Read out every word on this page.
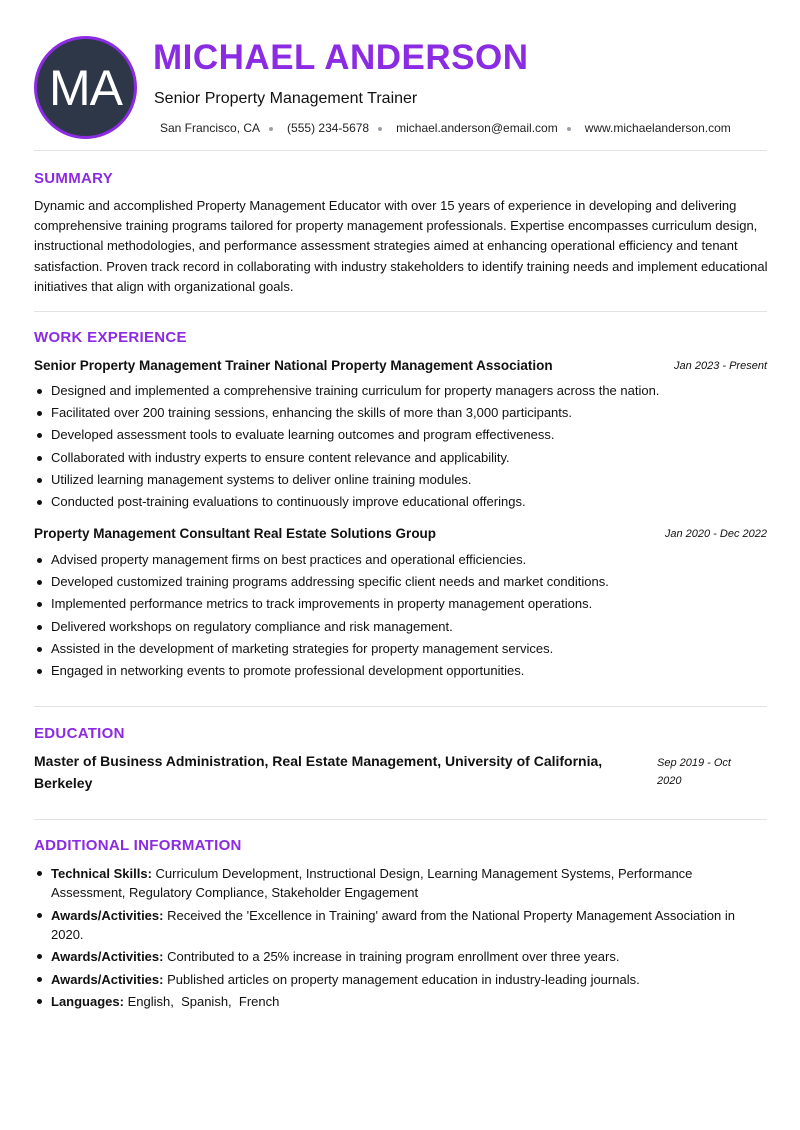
MA
MICHAEL ANDERSON
Senior Property Management Trainer
San Francisco, CA (555) 234-5678 michael.anderson@email.com www.michaelanderson.com
SUMMARY
Dynamic and accomplished Property Management Educator with over 15 years of experience in developing and delivering comprehensive training programs tailored for property management professionals. Expertise encompasses curriculum design, instructional methodologies, and performance assessment strategies aimed at enhancing operational efficiency and tenant satisfaction. Proven track record in collaborating with industry stakeholders to identify training needs and implement educational initiatives that align with organizational goals.
WORK EXPERIENCE
Senior Property Management Trainer National Property Management Association	Jan 2023 - Present
Designed and implemented a comprehensive training curriculum for property managers across the nation.
Facilitated over 200 training sessions, enhancing the skills of more than 3,000 participants.
Developed assessment tools to evaluate learning outcomes and program effectiveness.
Collaborated with industry experts to ensure content relevance and applicability.
Utilized learning management systems to deliver online training modules.
Conducted post-training evaluations to continuously improve educational offerings.
Property Management Consultant Real Estate Solutions Group	Jan 2020 - Dec 2022
Advised property management firms on best practices and operational efficiencies.
Developed customized training programs addressing specific client needs and market conditions.
Implemented performance metrics to track improvements in property management operations.
Delivered workshops on regulatory compliance and risk management.
Assisted in the development of marketing strategies for property management services.
Engaged in networking events to promote professional development opportunities.
EDUCATION
Master of Business Administration, Real Estate Management, University of California, Berkeley
Sep 2019 - Oct 2020
ADDITIONAL INFORMATION
Technical Skills: Curriculum Development, Instructional Design, Learning Management Systems, Performance Assessment, Regulatory Compliance, Stakeholder Engagement
Awards/Activities: Received the 'Excellence in Training' award from the National Property Management Association in 2020.
Awards/Activities: Contributed to a 25% increase in training program enrollment over three years.
Awards/Activities: Published articles on property management education in industry-leading journals.
Languages: English,  Spanish,  French
